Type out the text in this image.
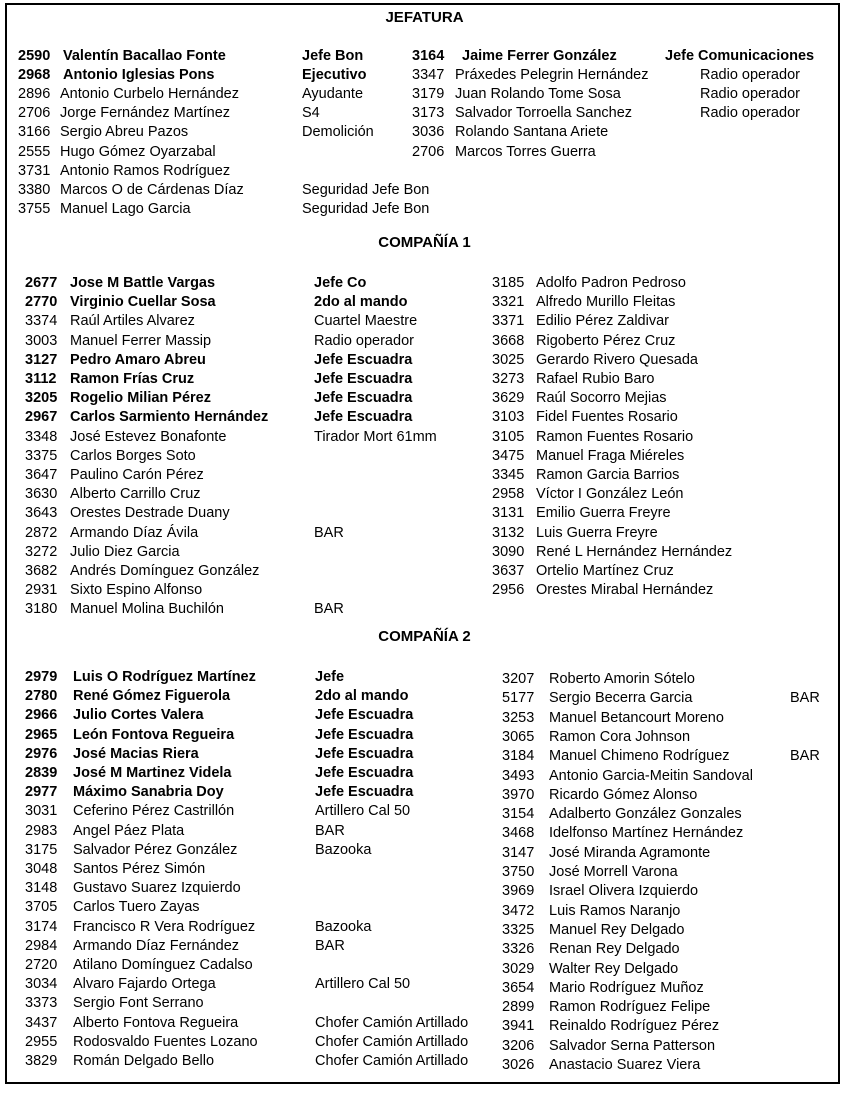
JEFATURA
2590 Valentín Bacallao Fonte	Jefe Bon
2968 Antonio Iglesias Pons	Ejecutivo
2896 Antonio Curbelo Hernández	Ayudante
2706 Jorge Fernández Martínez	S4
3166 Sergio Abreu Pazos	Demolición
2555 Hugo Gómez Oyarzabal
3731 Antonio Ramos Rodríguez
3380 Marcos O de Cárdenas Díaz	Seguridad Jefe Bon
3755 Manuel Lago Garcia	Seguridad Jefe Bon
3164 Jaime Ferrer González	Jefe Comunicaciones
3347 Práxedes Pelegrin Hernández	Radio operador
3179 Juan Rolando Tome Sosa	Radio operador
3173 Salvador Torroella Sanchez	Radio operador
3036 Rolando Santana Ariete
2706 Marcos Torres Guerra
COMPAÑÍA 1
2677 Jose M Battle Vargas	Jefe Co
2770 Virginio Cuellar Sosa	2do al mando
3374 Raúl Artiles Alvarez	Cuartel Maestre
3003 Manuel Ferrer Massip	Radio operador
3127 Pedro Amaro Abreu	Jefe Escuadra
3112 Ramon Frías Cruz	Jefe Escuadra
3205 Rogelio Milian Pérez	Jefe Escuadra
2967 Carlos Sarmiento Hernández	Jefe Escuadra
3348 José Estevez Bonafonte	Tirador Mort 61mm
3375 Carlos Borges Soto
3647 Paulino Carón Pérez
3630 Alberto Carrillo Cruz
3643 Orestes Destrade Duany
2872 Armando Díaz Ávila	BAR
3272 Julio Diez Garcia
3682 Andrés Domínguez González
2931 Sixto Espino Alfonso
3180 Manuel Molina Buchilón	BAR
3185 Adolfo Padron Pedroso
3321 Alfredo Murillo Fleitas
3371 Edilio Pérez Zaldivar
3668 Rigoberto Pérez Cruz
3025 Gerardo Rivero Quesada
3273 Rafael Rubio Baro
3629 Raúl Socorro Mejias
3103 Fidel Fuentes Rosario
3105 Ramon Fuentes Rosario
3475 Manuel Fraga Miéreles
3345 Ramon Garcia Barrios
2958 Víctor I González León
3131 Emilio Guerra Freyre
3132 Luis Guerra Freyre
3090 René L Hernández Hernández
3637 Ortelio Martínez Cruz
2956 Orestes Mirabal Hernández
COMPAÑÍA 2
2979 Luis O Rodríguez Martínez	Jefe
2780 René Gómez Figuerola	2do al mando
2966 Julio Cortes Valera	Jefe Escuadra
2965 León Fontova Regueira	Jefe Escuadra
2976 José Macias Riera	Jefe Escuadra
2839 José M Martinez Videla	Jefe Escuadra
2977 Máximo Sanabria Doy	Jefe Escuadra
3031 Ceferino Pérez Castrillón	Artillero Cal 50
2983 Angel Páez Plata	BAR
3175 Salvador Pérez González	Bazooka
3048 Santos Pérez Simón
3148 Gustavo Suarez Izquierdo
3705 Carlos Tuero Zayas
3174 Francisco R Vera Rodríguez	Bazooka
2984 Armando Díaz Fernández	BAR
2720 Atilano Domínguez Cadalso
3034 Alvaro Fajardo Ortega	Artillero Cal 50
3373 Sergio Font Serrano
3437 Alberto Fontova Regueira	Chofer Camión Artillado
2955 Rodosvaldo Fuentes Lozano	Chofer Camión Artillado
3829 Román Delgado Bello	Chofer Camión Artillado
3207 Roberto Amorin Sótelo
5177 Sergio Becerra Garcia	BAR
3253 Manuel Betancourt Moreno
3065 Ramon Cora Johnson
3184 Manuel Chimeno Rodríguez	BAR
3493 Antonio Garcia-Meitin Sandoval
3970 Ricardo Gómez Alonso
3154 Adalberto González Gonzales
3468 Idelfonso Martínez Hernández
3147 José Miranda Agramonte
3750 José Morrell Varona
3969 Israel Olivera Izquierdo
3472 Luis Ramos Naranjo
3325 Manuel Rey Delgado
3326 Renan Rey Delgado
3029 Walter Rey Delgado
3654 Mario Rodríguez Muñoz
2899 Ramon Rodríguez Felipe
3941 Reinaldo Rodríguez Pérez
3206 Salvador Serna Patterson
3026 Anastacio Suarez Viera
